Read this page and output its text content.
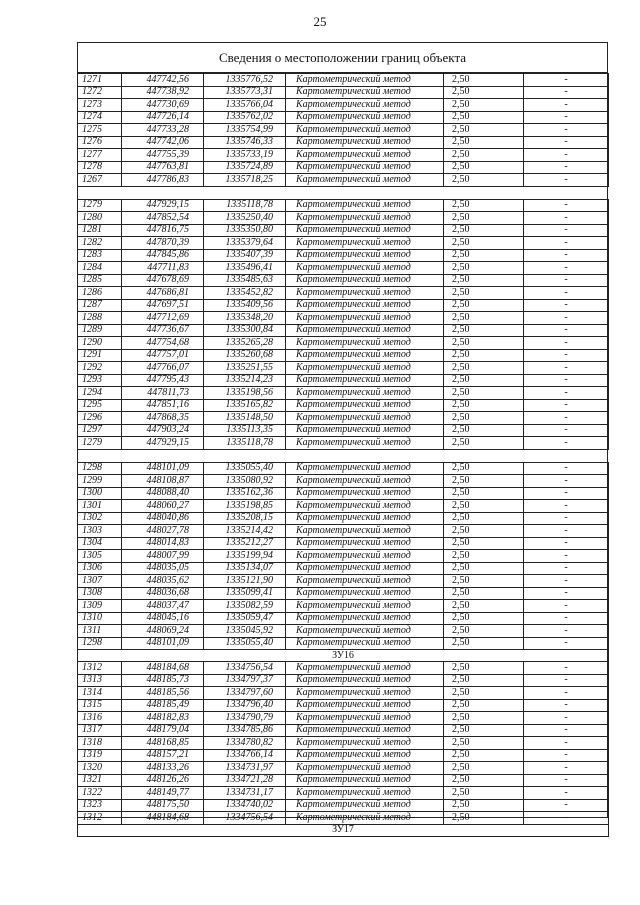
25
Сведения о местоположении границ объекта
1271	447742,56	1335776,52	Картометрический метод	2,50	-
1272	447738,92	1335773,31	Картометрический метод	2,50	-
1273	447730,69	1335766,04	Картометрический метод	2,50	-
1274	447726,14	1335762,02	Картометрический метод	2,50	-
1275	447733,28	1335754,99	Картометрический метод	2,50	-
1276	447742,06	1335746,33	Картометрический метод	2,50	-
1277	447755,39	1335733,19	Картометрический метод	2,50	-
1278	447763,81	1335724,89	Картометрический метод	2,50	-
1267	447786,83	1335718,25	Картометрический метод	2,50	-

1279	447929,15	1335118,78	Картометрический метод	2,50	-
1280	447852,54	1335250,40	Картометрический метод	2,50	-
1281	447816,75	1335350,80	Картометрический метод	2,50	-
1282	447870,39	1335379,64	Картометрический метод	2,50	-
1283	447845,86	1335407,39	Картометрический метод	2,50	-
1284	447711,83	1335496,41	Картометрический метод	2,50	-
1285	447678,69	1335485,63	Картометрический метод	2,50	-
1286	447686,81	1335452,82	Картометрический метод	2,50	-
1287	447697,51	1335409,56	Картометрический метод	2,50	-
1288	447712,69	1335348,20	Картометрический метод	2,50	-
1289	447736,67	1335300,84	Картометрический метод	2,50	-
1290	447754,68	1335265,28	Картометрический метод	2,50	-
1291	447757,01	1335260,68	Картометрический метод	2,50	-
1292	447766,07	1335251,55	Картометрический метод	2,50	-
1293	447795,43	1335214,23	Картометрический метод	2,50	-
1294	447811,73	1335198,56	Картометрический метод	2,50	-
1295	447851,16	1335165,82	Картометрический метод	2,50	-
1296	447868,35	1335148,50	Картометрический метод	2,50	-
1297	447903,24	1335113,35	Картометрический метод	2,50	-
1279	447929,15	1335118,78	Картометрический метод	2,50	-

1298	448101,09	1335055,40	Картометрический метод	2,50	-
1299	448108,87	1335080,92	Картометрический метод	2,50	-
1300	448088,40	1335162,36	Картометрический метод	2,50	-
1301	448060,27	1335198,85	Картометрический метод	2,50	-
1302	448040,86	1335208,15	Картометрический метод	2,50	-
1303	448027,78	1335214,42	Картометрический метод	2,50	-
1304	448014,83	1335212,27	Картометрический метод	2,50	-
1305	448007,99	1335199,94	Картометрический метод	2,50	-
1306	448035,05	1335134,07	Картометрический метод	2,50	-
1307	448035,62	1335121,90	Картометрический метод	2,50	-
1308	448036,68	1335099,41	Картометрический метод	2,50	-
1309	448037,47	1335082,59	Картометрический метод	2,50	-
1310	448045,16	1335059,47	Картометрический метод	2,50	-
1311	448069,24	1335045,92	Картометрический метод	2,50	-
1298	448101,09	1335055,40	Картометрический метод	2,50	-
ЗУ16					
1312	448184,68	1334756,54	Картометрический метод	2,50	-
1313	448185,73	1334797,37	Картометрический метод	2,50	-
1314	448185,56	1334797,60	Картометрический метод	2,50	-
1315	448185,49	1334796,40	Картометрический метод	2,50	-
1316	448182,83	1334790,79	Картометрический метод	2,50	-
1317	448179,04	1334785,86	Картометрический метод	2,50	-
1318	448168,85	1334780,82	Картометрический метод	2,50	-
1319	448157,21	1334766,14	Картометрический метод	2,50	-
1320	448133,26	1334731,97	Картометрический метод	2,50	-
1321	448126,26	1334721,28	Картометрический метод	2,50	-
1322	448149,77	1334731,17	Картометрический метод	2,50	-
1323	448175,50	1334740,02	Картометрический метод	2,50	-
1312	448184,68	1334756,54	Картометрический метод	2,50	-
ЗУ17					
